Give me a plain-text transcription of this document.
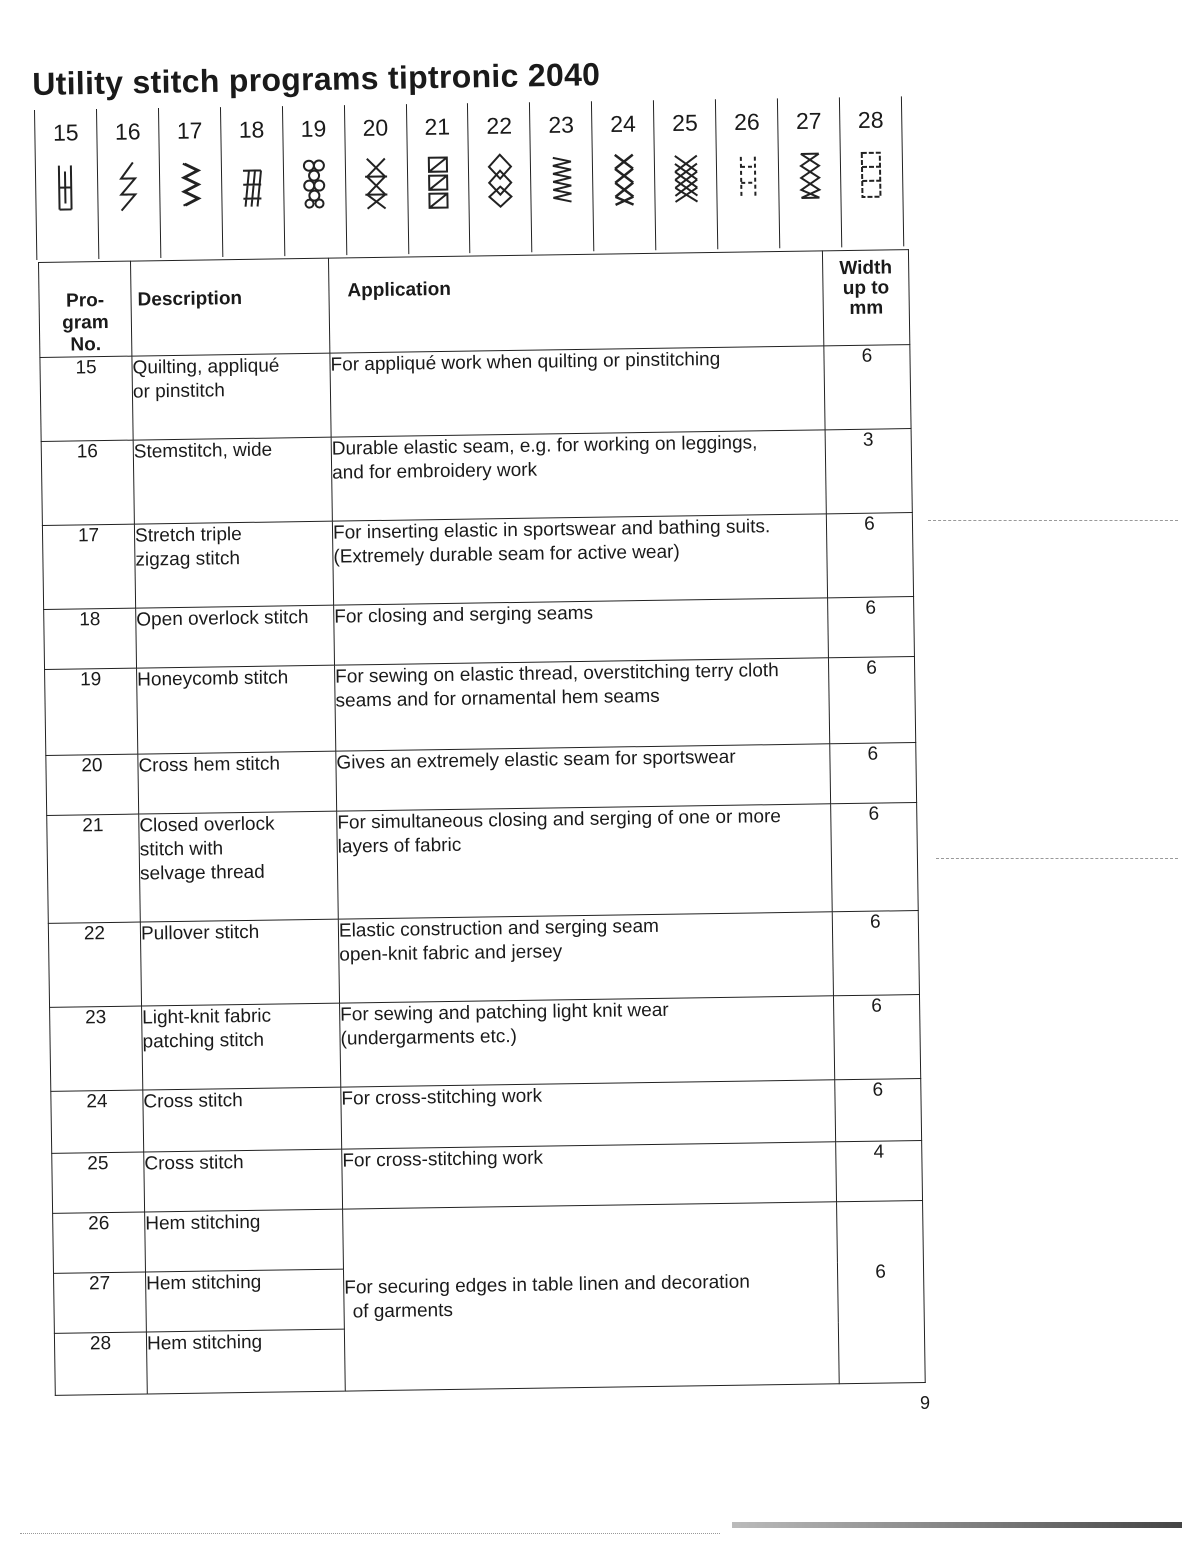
Utility stitch programs tiptronic 2040
15 16 17 18 19 20 21 22 23 24 25 26 27 28
Pro-
gram
No.	Description	Application	Width
up to
mm

15	Quilting, appliqué
or pinstitch	For appliqué work when quilting or pinstitching	6
16	Stemstitch, wide	Durable elastic seam, e.g. for working on leggings,
and for embroidery work	3
17	Stretch triple
zigzag stitch	For inserting elastic in sportswear and bathing suits.
(Extremely durable seam for active wear)	6
18	Open overlock stitch	For closing and serging seams	6
19	Honeycomb stitch	For sewing on elastic thread, overstitching terry cloth
seams and for ornamental hem seams	6
20	Cross hem stitch	Gives an extremely elastic seam for sportswear	6
21	Closed overlock
stitch with
selvage thread	For simultaneous closing and serging of one or more
layers of fabric	6
22	Pullover stitch	Elastic construction and serging seam
open-knit fabric and jersey	6
23	Light-knit fabric
patching stitch	For sewing and patching light knit wear
(undergarments etc.)	6
24	Cross stitch	For cross-stitching work	6
25	Cross stitch	For cross-stitching work	4
26	Hem stitching	For securing edges in table linen and decoration
of garments	6
27	Hem stitching		

28	Hem stitching		
9
